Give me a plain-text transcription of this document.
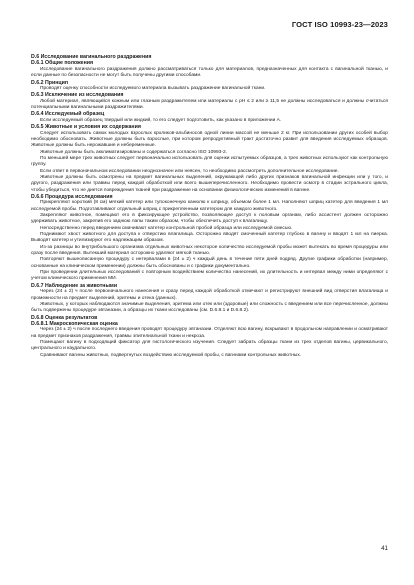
ГОСТ ISO 10993-23—2023
D.6 Исследование вагинального раздражения
D.6.1 Общие положения
Исследование вагинального раздражения должно рассматриваться только для материалов, предназначенных для контакта с вагинальной тканью, и если данные по безопасности не могут быть получены другими способами.
D.6.2 Принцип
Проводят оценку способности исследуемого материала вызывать раздражение вагинальной ткани.
D.6.3 Исключение из исследования
Любой материал, являющийся кожным или глазным раздражителем или материалы с pH ≤ 2 или ≥ 11,5 не должны исследоваться и должны считаться потенциальными вагинальными раздражителями.
D.6.4 Исследуемый образец
Если исследуемый образец твердый или жидкий, то его следует подготовить, как указано в приложении А.
D.6.5 Животные и условия их содержания
Следует использовать самок молодых взрослых кроликов-альбиносов одной линии массой не меньше 2 кг. При использовании других особей выбор необходимо обосновать. Животные должны быть взрослые, при котором репродуктивный тракт достаточно развит для введения исследуемых образцов. Животные должны быть нерожавшие и небеременные.
Животные должны быть акклиматизированы и содержаться согласно ISO 10993-2.
По меньшей мере трех животных следует первоначально использовать для оценки испытуемых образцов, а трех животных используют как контрольную группу.
Если ответ в первоначальном исследовании неоднозначен или неясен, то необходимо рассмотреть дополнительное исследование.
Животные должны быть осмотрены на предмет вагинальных выделений, окружающей либо других признаков вагинальной инфекции или у того, и другого, раздражения или травмы перед каждой обработкой или всего вышеперечисленного. Необходимо провести осмотр в стадии эстрального цикла, чтобы убедиться, что не диется повреждения тканей при раздражение на основании физиологических изменений в вагине.
D.6.6 Процедура исследования
Прикрепляют короткий (8 см) мягкий катетер или тупоконечную канюлю к шприцу, объемом более 1 мл. Наполняют шприц катетер для введения 1 мл исследуемой пробы. Подготавливают отдельный шприц с прикрепленным катетером для каждого животного.
Закрепляют животное, помещают его в фиксирующее устройство, позволяющее доступ к половым органам, либо ассистент должен осторожно удерживать животное, закрепив его заднюю лапы таким образом, чтобы обеспечить доступ к влагалищу.
Непосредственно перед введением смачивают катетер контрольной пробой образца или исследуемой смесью.
Поднимают хвост животного для доступа к отверстию влагалища. Осторожно вводят смоченный катетер глубоко в вагину и вводят 1 мл на пиерка. Выводят катетер и утилизируют его надлежащим образом.
Из-за разницы во внутрибольшого организма отдельных животных некоторое количество исследуемой пробы может вытекать во время процедуры или сразу после введения. Вытекший материал осторожно удаляют мягкой тканью.
Повторяют вышеописанную процедуру с интервалами в (24 ± 2) ч каждый день в течение пяти дней подряд. Другие графики обработки (например, основанные на клиническом применении) должны быть обоснованы и с графики документально.
При проведении длительных исследований с повторным воздействием количество нанесений, их длительность и интервал между ними определяют с учетом клинического применения МИ.
D.6.7 Наблюдение за животными
Через (24 ± 2) ч после первоначального нанесения и сразу перед каждой обработкой отмечают и регистрируют внешний вид отверстия влагалища и промежности на предмет выделений, эритемы и отека (данных).
Животных, у которых наблюдаются значимые выделения, эритема или отек или (здоровые) или сложность с введением или все перечисленное, должны быть подвержены процедуре эвтаназии, а образцы их ткани исследованы (см. D.6.8.1 и D.6.8.2).
D.6.8 Оценка результатов
D.6.8.1 Макроскопическая оценка
Через (24 ± 2) ч после последнего введения проводят процедуру эвтаназии. Отделяют всю вагину, вскрывают в продольном направлении и осматривают на предмет признаков раздражения, травмы эпителиальной ткани и некроза.
Помещают вагину в подходящий фиксатор для гистологического изучения. Следует забрать образцы ткани из трех отделов вагины, цервикального, центрального и каудального.
Сравнивают вагины животных, подвергнутых воздействию исследуемой пробы, с вагинами контрольных животных.
41
